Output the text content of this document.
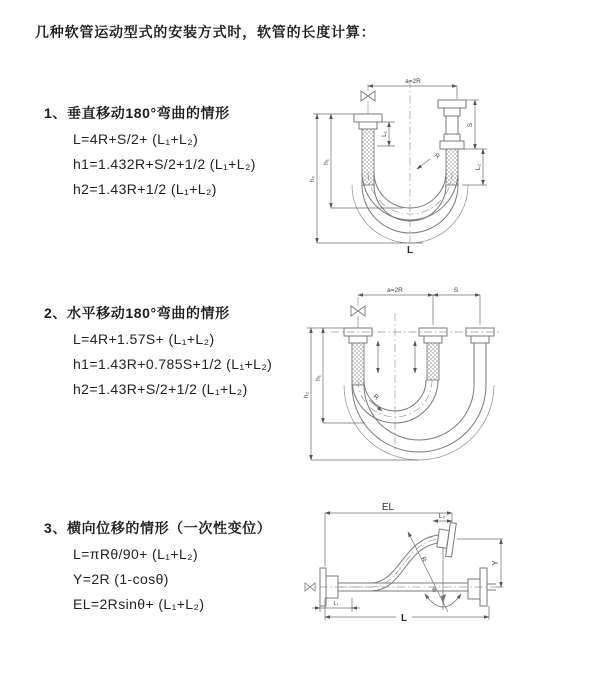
几种软管运动型式的安装方式时，软管的长度计算：
1、垂直移动180°弯曲的情形
L=4R+S/2+ (L₁+L₂)
h1=1.432R+S/2+1/2 (L₁+L₂)
h2=1.43R+1/2 (L₁+L₂)
2、水平移动180°弯曲的情形
L=4R+1.57S+ (L₁+L₂)
h1=1.43R+0.785S+1/2 (L₁+L₂)
h2=1.43R+S/2+1/2 (L₁+L₂)
3、横向位移的情形（一次性变位）
L=πRθ/90+ (L₁+L₂)
Y=2R (1-cosθ)
EL=2Rsinθ+ (L₁+L₂)
a=2R
R
L₁
S
L₂
h₁
h₂
L
a=2R	S
R
h₁
h₂
EL
L₂
Y
R
θ
L₁
L
